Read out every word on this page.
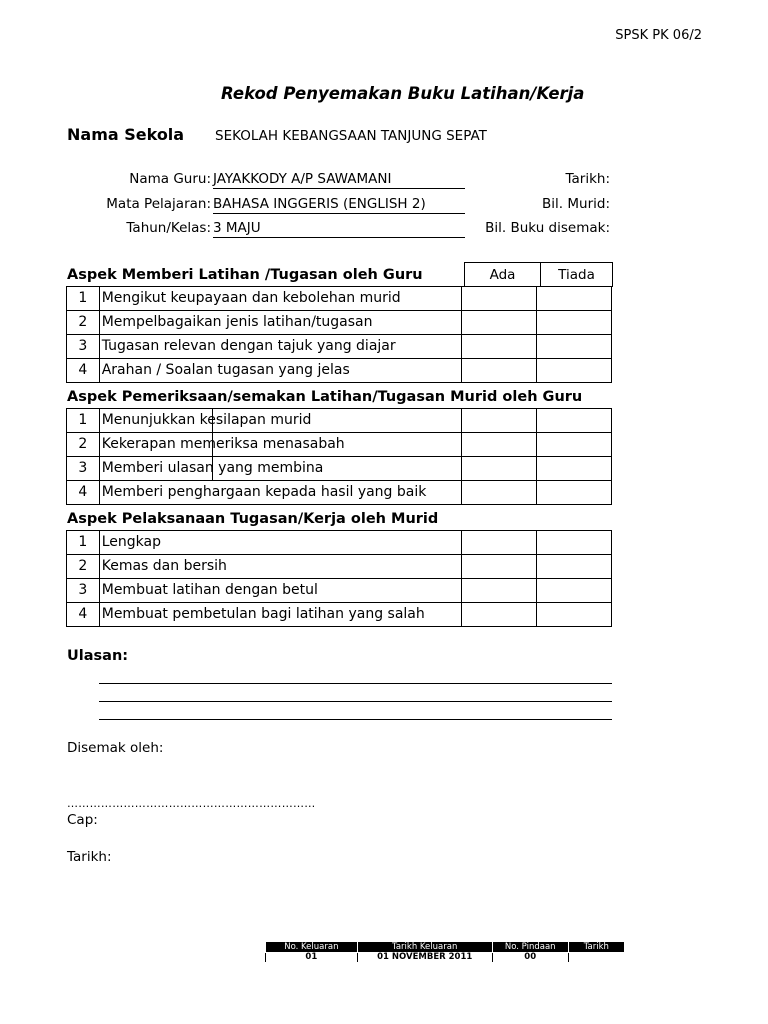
SPSK PK 06/2
Rekod Penyemakan Buku Latihan/Kerja
Nama Sekola SEKOLAH KEBANGSAAN TANJUNG SEPAT
Nama Guru: JAYAKKODY A/P SAWAMANI
Mata Pelajaran: BAHASA INGGERIS (ENGLISH 2)
Tahun/Kelas: 3 MAJU
Tarikh:
Bil. Murid:
Bil. Buku disemak:
Aspek Memberi Latihan /Tugasan oleh Guru	Ada	Tiada
1	Mengikut keupayaan dan kebolehan murid		
2	Mempelbagaikan jenis latihan/tugasan		
3	Tugasan relevan dengan tajuk yang diajar		
4	Arahan / Soalan tugasan yang jelas		
Aspek Pemeriksaan/semakan Latihan/Tugasan Murid oleh Guru
1	Menunjukkan kesilapan murid		
2	Kekerapan memeriksa menasabah		
3	Memberi ulasan yang membina		
4	Memberi penghargaan kepada hasil yang baik		
Aspek Pelaksanaan Tugasan/Kerja oleh Murid
1	Lengkap		
2	Kemas dan bersih		
3	Membuat latihan dengan betul		
4	Membuat pembetulan bagi latihan yang salah		
Ulasan:
Disemak oleh:
…………………………………………………………
Cap:
Tarikh:
No. Keluaran	Tarikh Keluaran	No. Pindaan	Tarikh
01	01 NOVEMBER 2011	00	
